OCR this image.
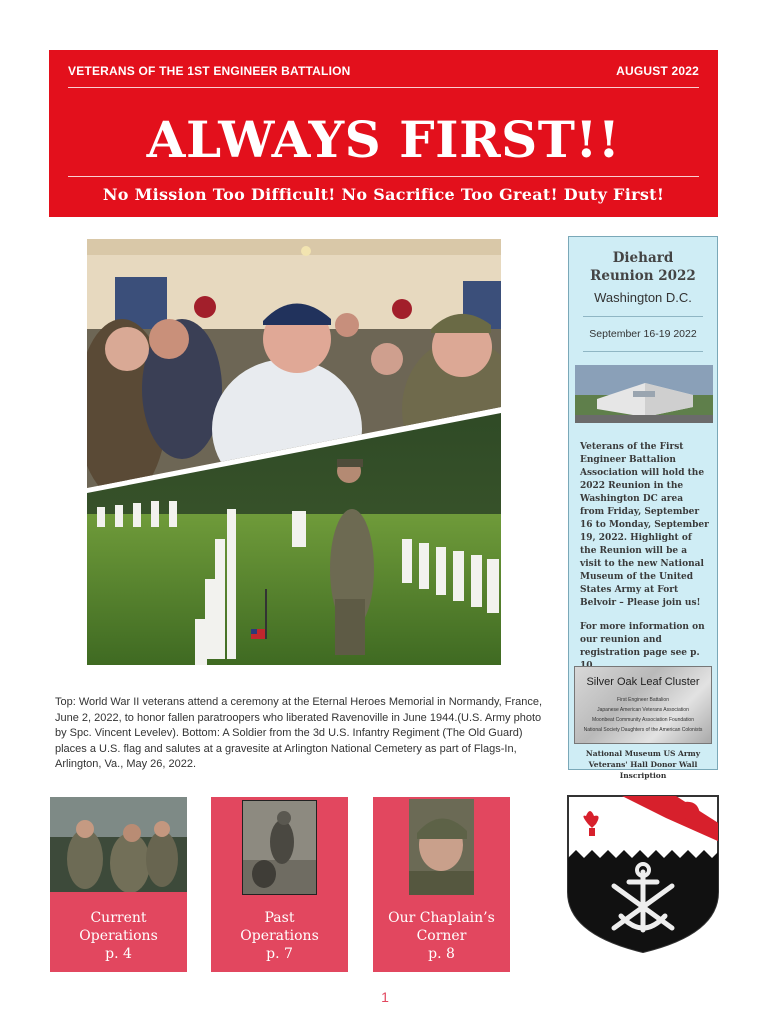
VETERANS OF THE 1ST ENGINEER BATTALION	AUGUST 2022
ALWAYS FIRST!!
No Mission Too Difficult! No Sacrifice Too Great! Duty First!
Top: World War II veterans attend a ceremony at the Eternal Heroes Memorial in Normandy, France, June 2, 2022, to honor fallen paratroopers who liberated Ravenoville in June 1944.(U.S. Army photo by Spc. Vincent Levelev). Bottom: A Soldier from the 3d U.S. Infantry Regiment (The Old Guard) places a U.S. flag and salutes at a gravesite at Arlington National Cemetery as part of Flags-In, Arlington, Va., May 26, 2022.
Diehard
Reunion 2022
Washington D.C.
September 16-19 2022
Veterans of the First Engineer Battalion Association will hold the 2022 Reunion in the Washington DC area from Friday, September 16 to Monday, September 19, 2022. Highlight of the Reunion will be a visit to the new National Museum of the United States Army at Fort Belvoir – Please join us!
For more information on our reunion and registration page see p.
Silver Oak Leaf Cluster
First Engineer Battalion
Japanese American Veterans Association
Moonbeat Community Association Foundation
National Society Daughters of the American Colonists
National Museum US Army Veterans' Hall Donor Wall Inscription
Current
Operations
p. 4
Past
Operations
p. 7
Our Chaplain’s
Corner
p. 8
1
